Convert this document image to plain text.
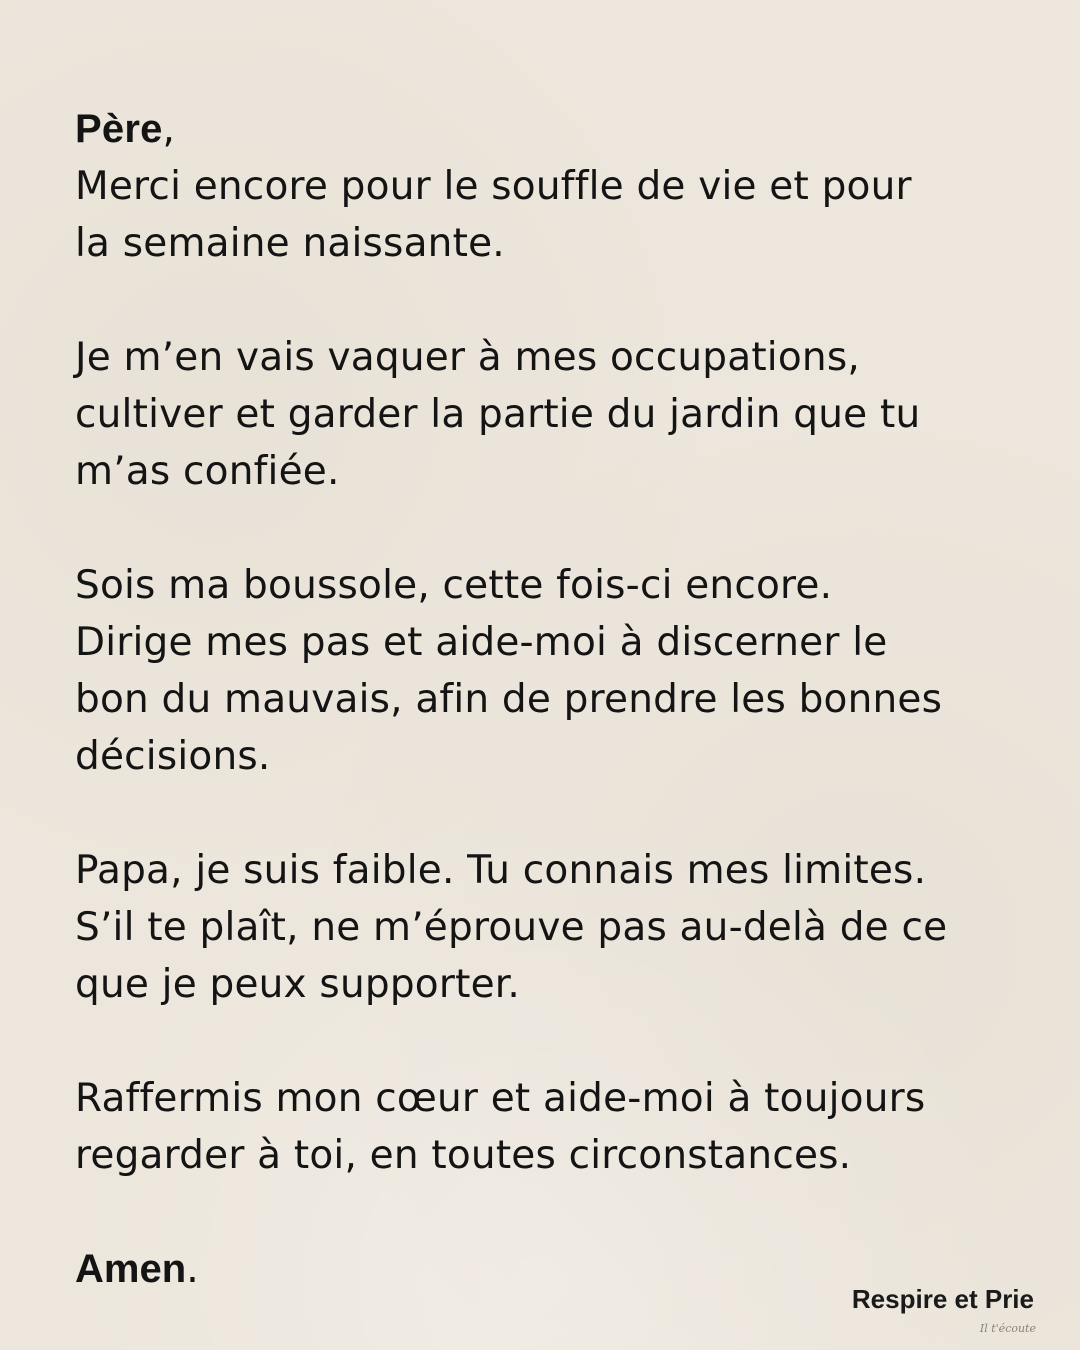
Père,
Merci encore pour le souffle de vie et pour
la semaine naissante.
Je m’en vais vaquer à mes occupations,
cultiver et garder la partie du jardin que tu
m’as confiée.
Sois ma boussole, cette fois-ci encore.
Dirige mes pas et aide-moi à discerner le
bon du mauvais, afin de prendre les bonnes
décisions.
Papa, je suis faible. Tu connais mes limites.
S’il te plaît, ne m’éprouve pas au-delà de ce
que je peux supporter.
Raffermis mon cœur et aide-moi à toujours
regarder à toi, en toutes circonstances.
Amen.
Respire et Prie
Il t'écoute
